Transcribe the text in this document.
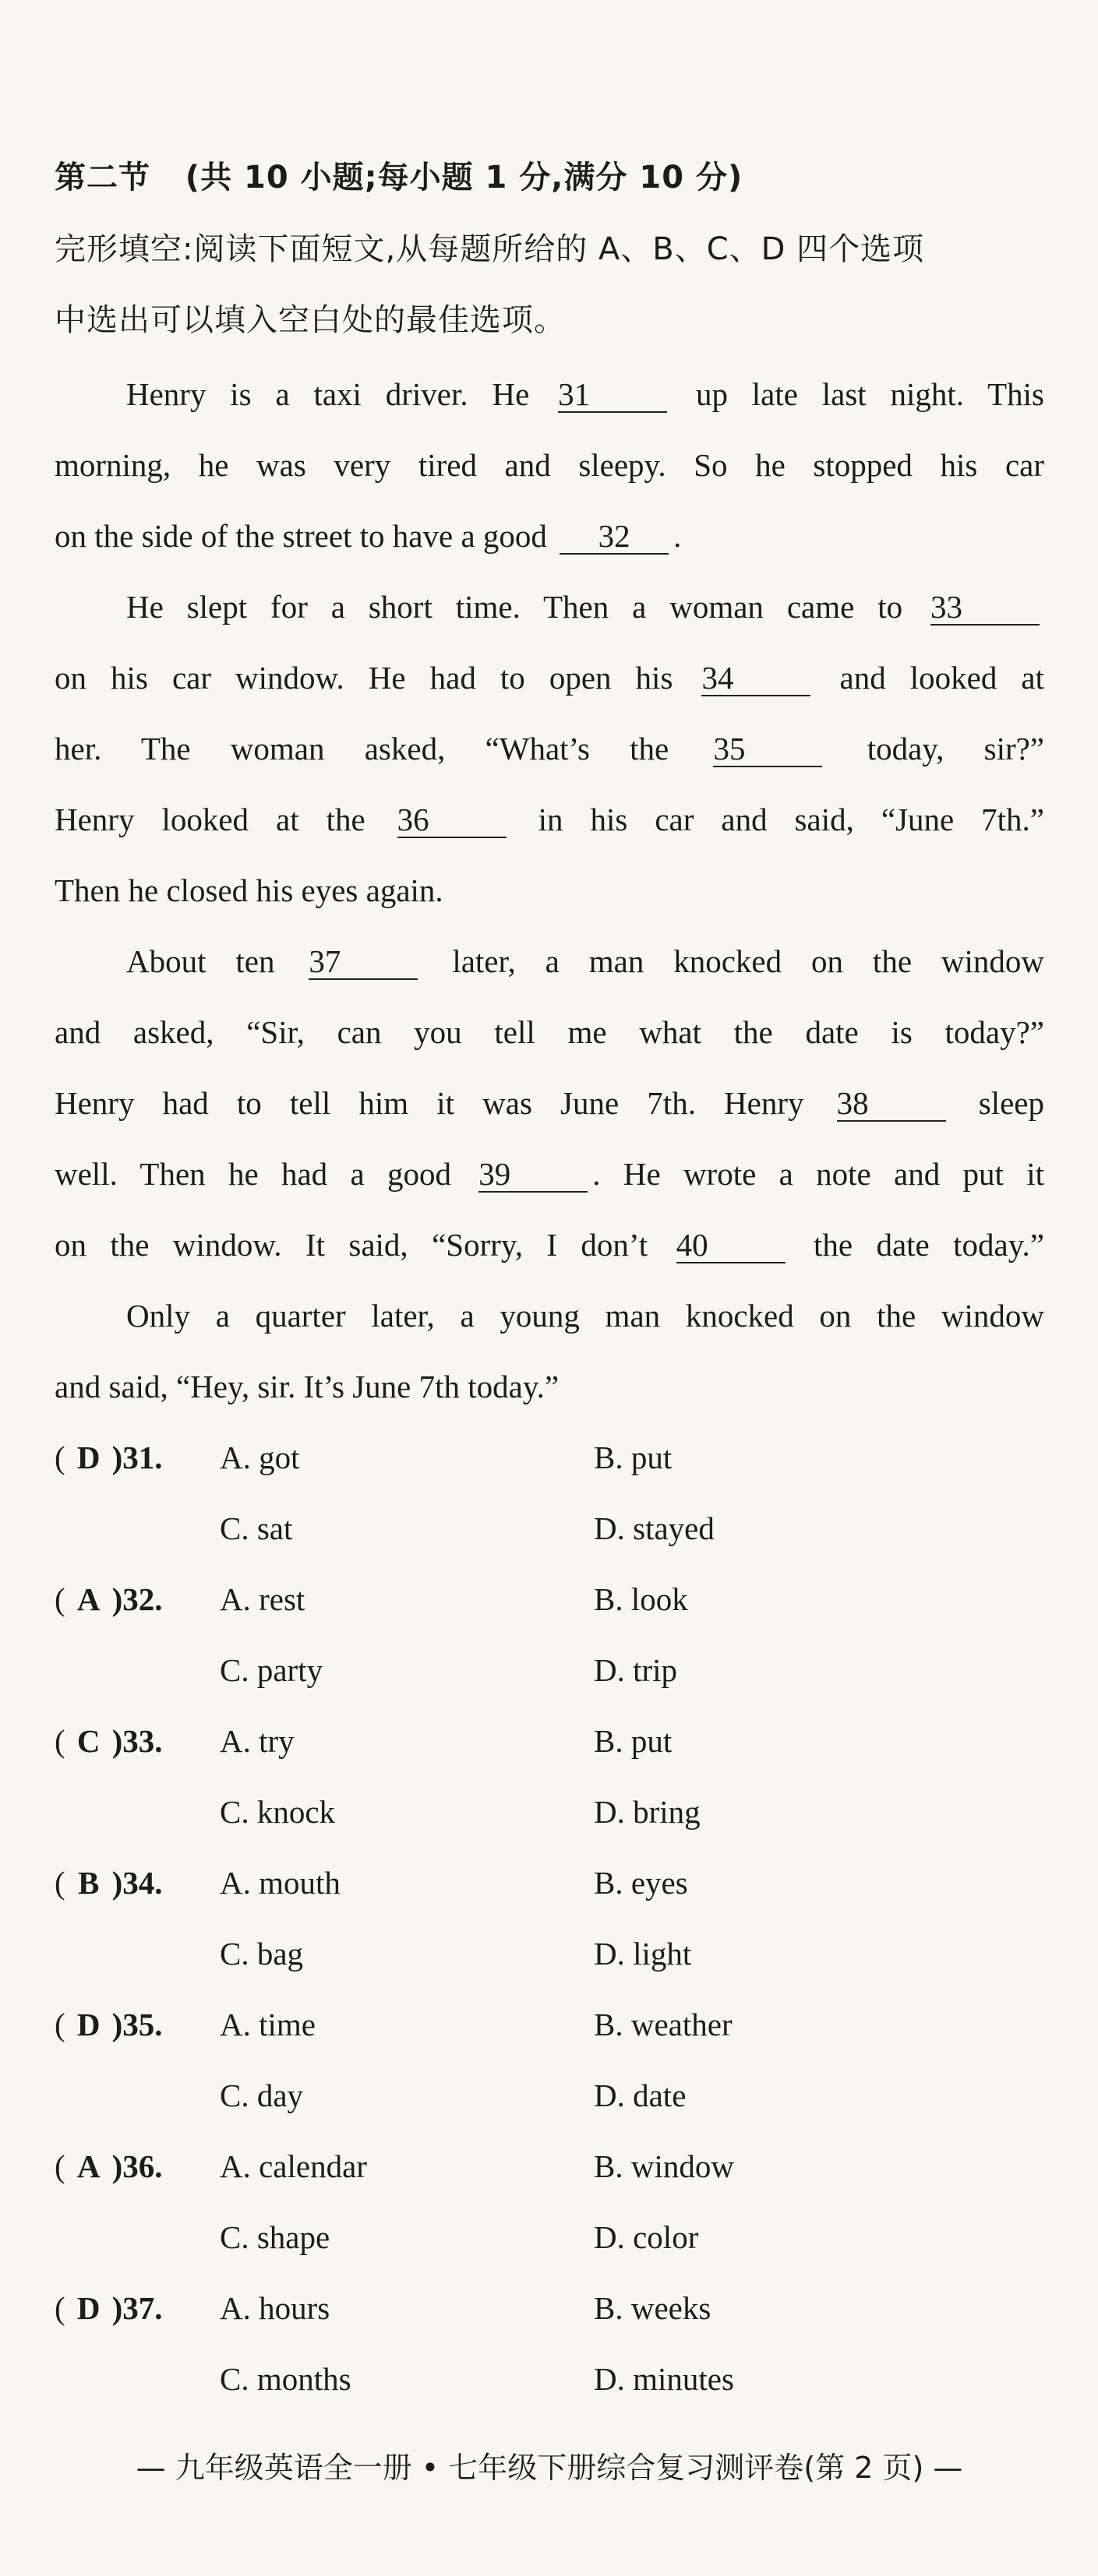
第二节 (共 10 小题;每小题 1 分,满分 10 分)
完形填空:阅读下面短文,从每题所给的 A、B、C、D 四个选项
中选出可以填入空白处的最佳选项。
Henry is a taxi driver. He 31	up late last night. This
morning, he was very tired and sleepy. So he stopped his car
on the side of the street to have a good 32 .
He slept for a short time. Then a woman came to 33
on his car window. He had to open his 34	and looked at
her. The woman asked, “What’s the 35	today, sir?”
Henry looked at the 36	in his car and said, “June 7th.”
Then he closed his eyes again.
About ten 37	later, a man knocked on the window
and asked, “Sir, can you tell me what the date is today?”
Henry had to tell him it was June 7th. Henry 38	sleep
well. Then he had a good 39	. He wrote a note and put it
on the window. It said, “Sorry, I don’t 40	the date today.”
Only a quarter later, a young man knocked on the window
and said, “Hey, sir. It’s June 7th today.”
( D )31. A. got	B. put
C. sat	D. stayed
( A )32. A. rest	B. look
C. party	D. trip
( C )33. A. try	B. put
C. knock	D. bring
( B )34. A. mouth	B. eyes
C. bag	D. light
( D )35. A. time	B. weather
C. day	D. date
( A )36. A. calendar	B. window
C. shape	D. color
( D )37. A. hours	B. weeks
C. months	D. minutes
— 九年级英语全一册 • 七年级下册综合复习测评卷(第 2 页) —
